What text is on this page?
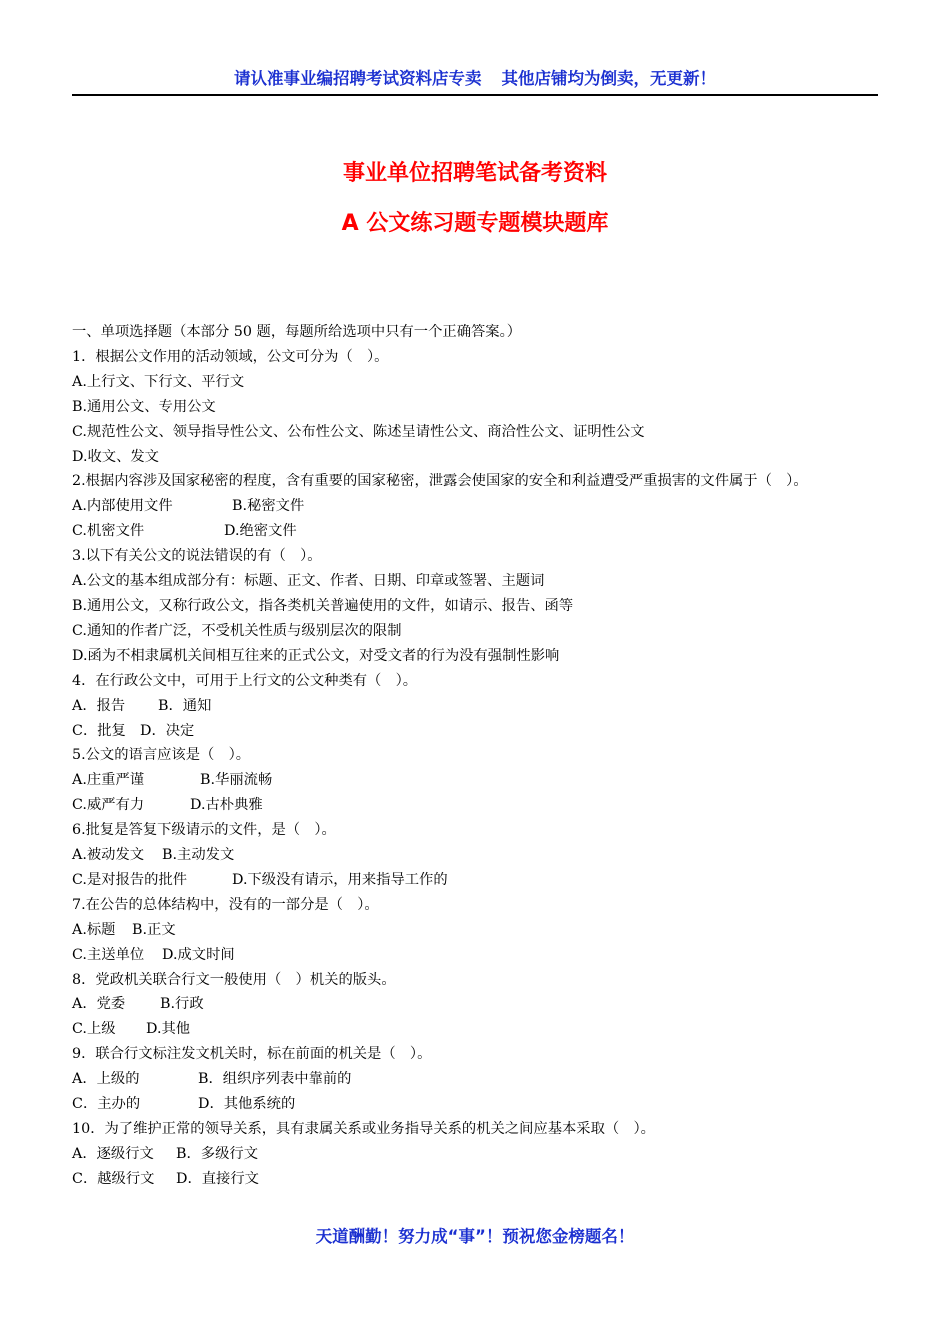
请认准事业编招聘考试资料店专卖 其他店铺均为倒卖，无更新！
事业单位招聘笔试备考资料
A 公文练习题专题模块题库
一、单项选择题（本部分 50 题，每题所给选项中只有一个正确答案。）
1．根据公文作用的活动领域，公文可分为（　）。
A.上行文、下行文、平行文
B.通用公文、专用公文
C.规范性公文、领导指导性公文、公布性公文、陈述呈请性公文、商洽性公文、证明性公文
D.收文、发文
2.根据内容涉及国家秘密的程度，含有重要的国家秘密，泄露会使国家的安全和利益遭受严重损害的文件属于（　）。
A.内部使用文件	B.秘密文件
C.机密文件	D.绝密文件
3.以下有关公文的说法错误的有（　）。
A.公文的基本组成部分有：标题、正文、作者、日期、印章或签署、主题词
B.通用公文，又称行政公文，指各类机关普遍使用的文件，如请示、报告、函等
C.通知的作者广泛，不受机关性质与级别层次的限制
D.函为不相隶属机关间相互往来的正式公文，对受文者的行为没有强制性影响
4．在行政公文中，可用于上行文的公文种类有（　）。
A．报告 B．通知
C．批复 D．决定
5.公文的语言应该是（　）。
A.庄重严谨	B.华丽流畅
C.威严有力	D.古朴典雅
6.批复是答复下级请示的文件，是（　）。
A.被动发文 B.主动发文
C.是对报告的批件	D.下级没有请示，用来指导工作的
7.在公告的总体结构中，没有的一部分是（　）。
A.标题 B.正文
C.主送单位 D.成文时间
8．党政机关联合行文一般使用（　）机关的版头。
A．党委 B.行政
C.上级 D.其他
9．联合行文标注发文机关时，标在前面的机关是（　）。
A．上级的	B．组织序列表中靠前的
C．主办的	D．其他系统的
10．为了维护正常的领导关系，具有隶属关系或业务指导关系的机关之间应基本采取（　）。
A．逐级行文 B．多级行文
C．越级行文 D．直接行文
天道酬勤！努力成“事”！预祝您金榜题名！
